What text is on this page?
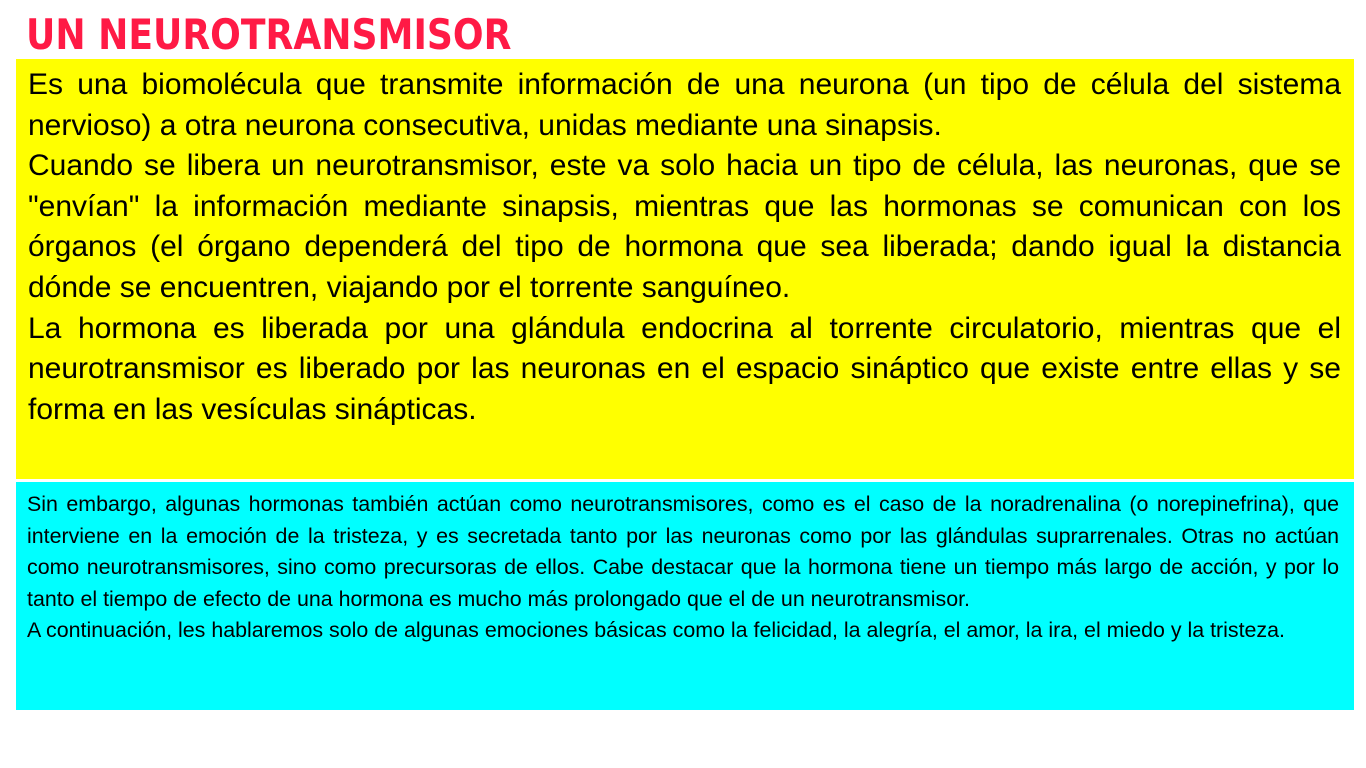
UN NEUROTRANSMISOR

Es una biomolécula que transmite información de una neurona (un tipo de célula del sistema nervioso) a otra neurona consecutiva, unidas mediante una sinapsis.

Cuando se libera un neurotransmisor, este va solo hacia un tipo de célula, las neuronas, que se "envían" la información mediante sinapsis, mientras que las hormonas se comunican con los órganos (el órgano dependerá del tipo de hormona que sea liberada; dando igual la distancia dónde se encuentren, viajando por el torrente sanguíneo.

La hormona es liberada por una glándula endocrina al torrente circulatorio, mientras que el neurotransmisor es liberado por las neuronas en el espacio sináptico que existe entre ellas y se forma en las vesículas sinápticas.

Sin embargo, algunas hormonas también actúan como neurotransmisores, como es el caso de la noradrenalina (o norepinefrina), que interviene en la emoción de la tristeza, y es secretada tanto por las neuronas como por las glándulas suprarrenales. Otras no actúan como neurotransmisores, sino como precursoras de ellos. Cabe destacar que la hormona tiene un tiempo más largo de acción, y por lo tanto el tiempo de efecto de una hormona es mucho más prolongado que el de un neurotransmisor.

A continuación, les hablaremos solo de algunas emociones básicas como la felicidad, la alegría, el amor, la ira, el miedo y la tristeza.
